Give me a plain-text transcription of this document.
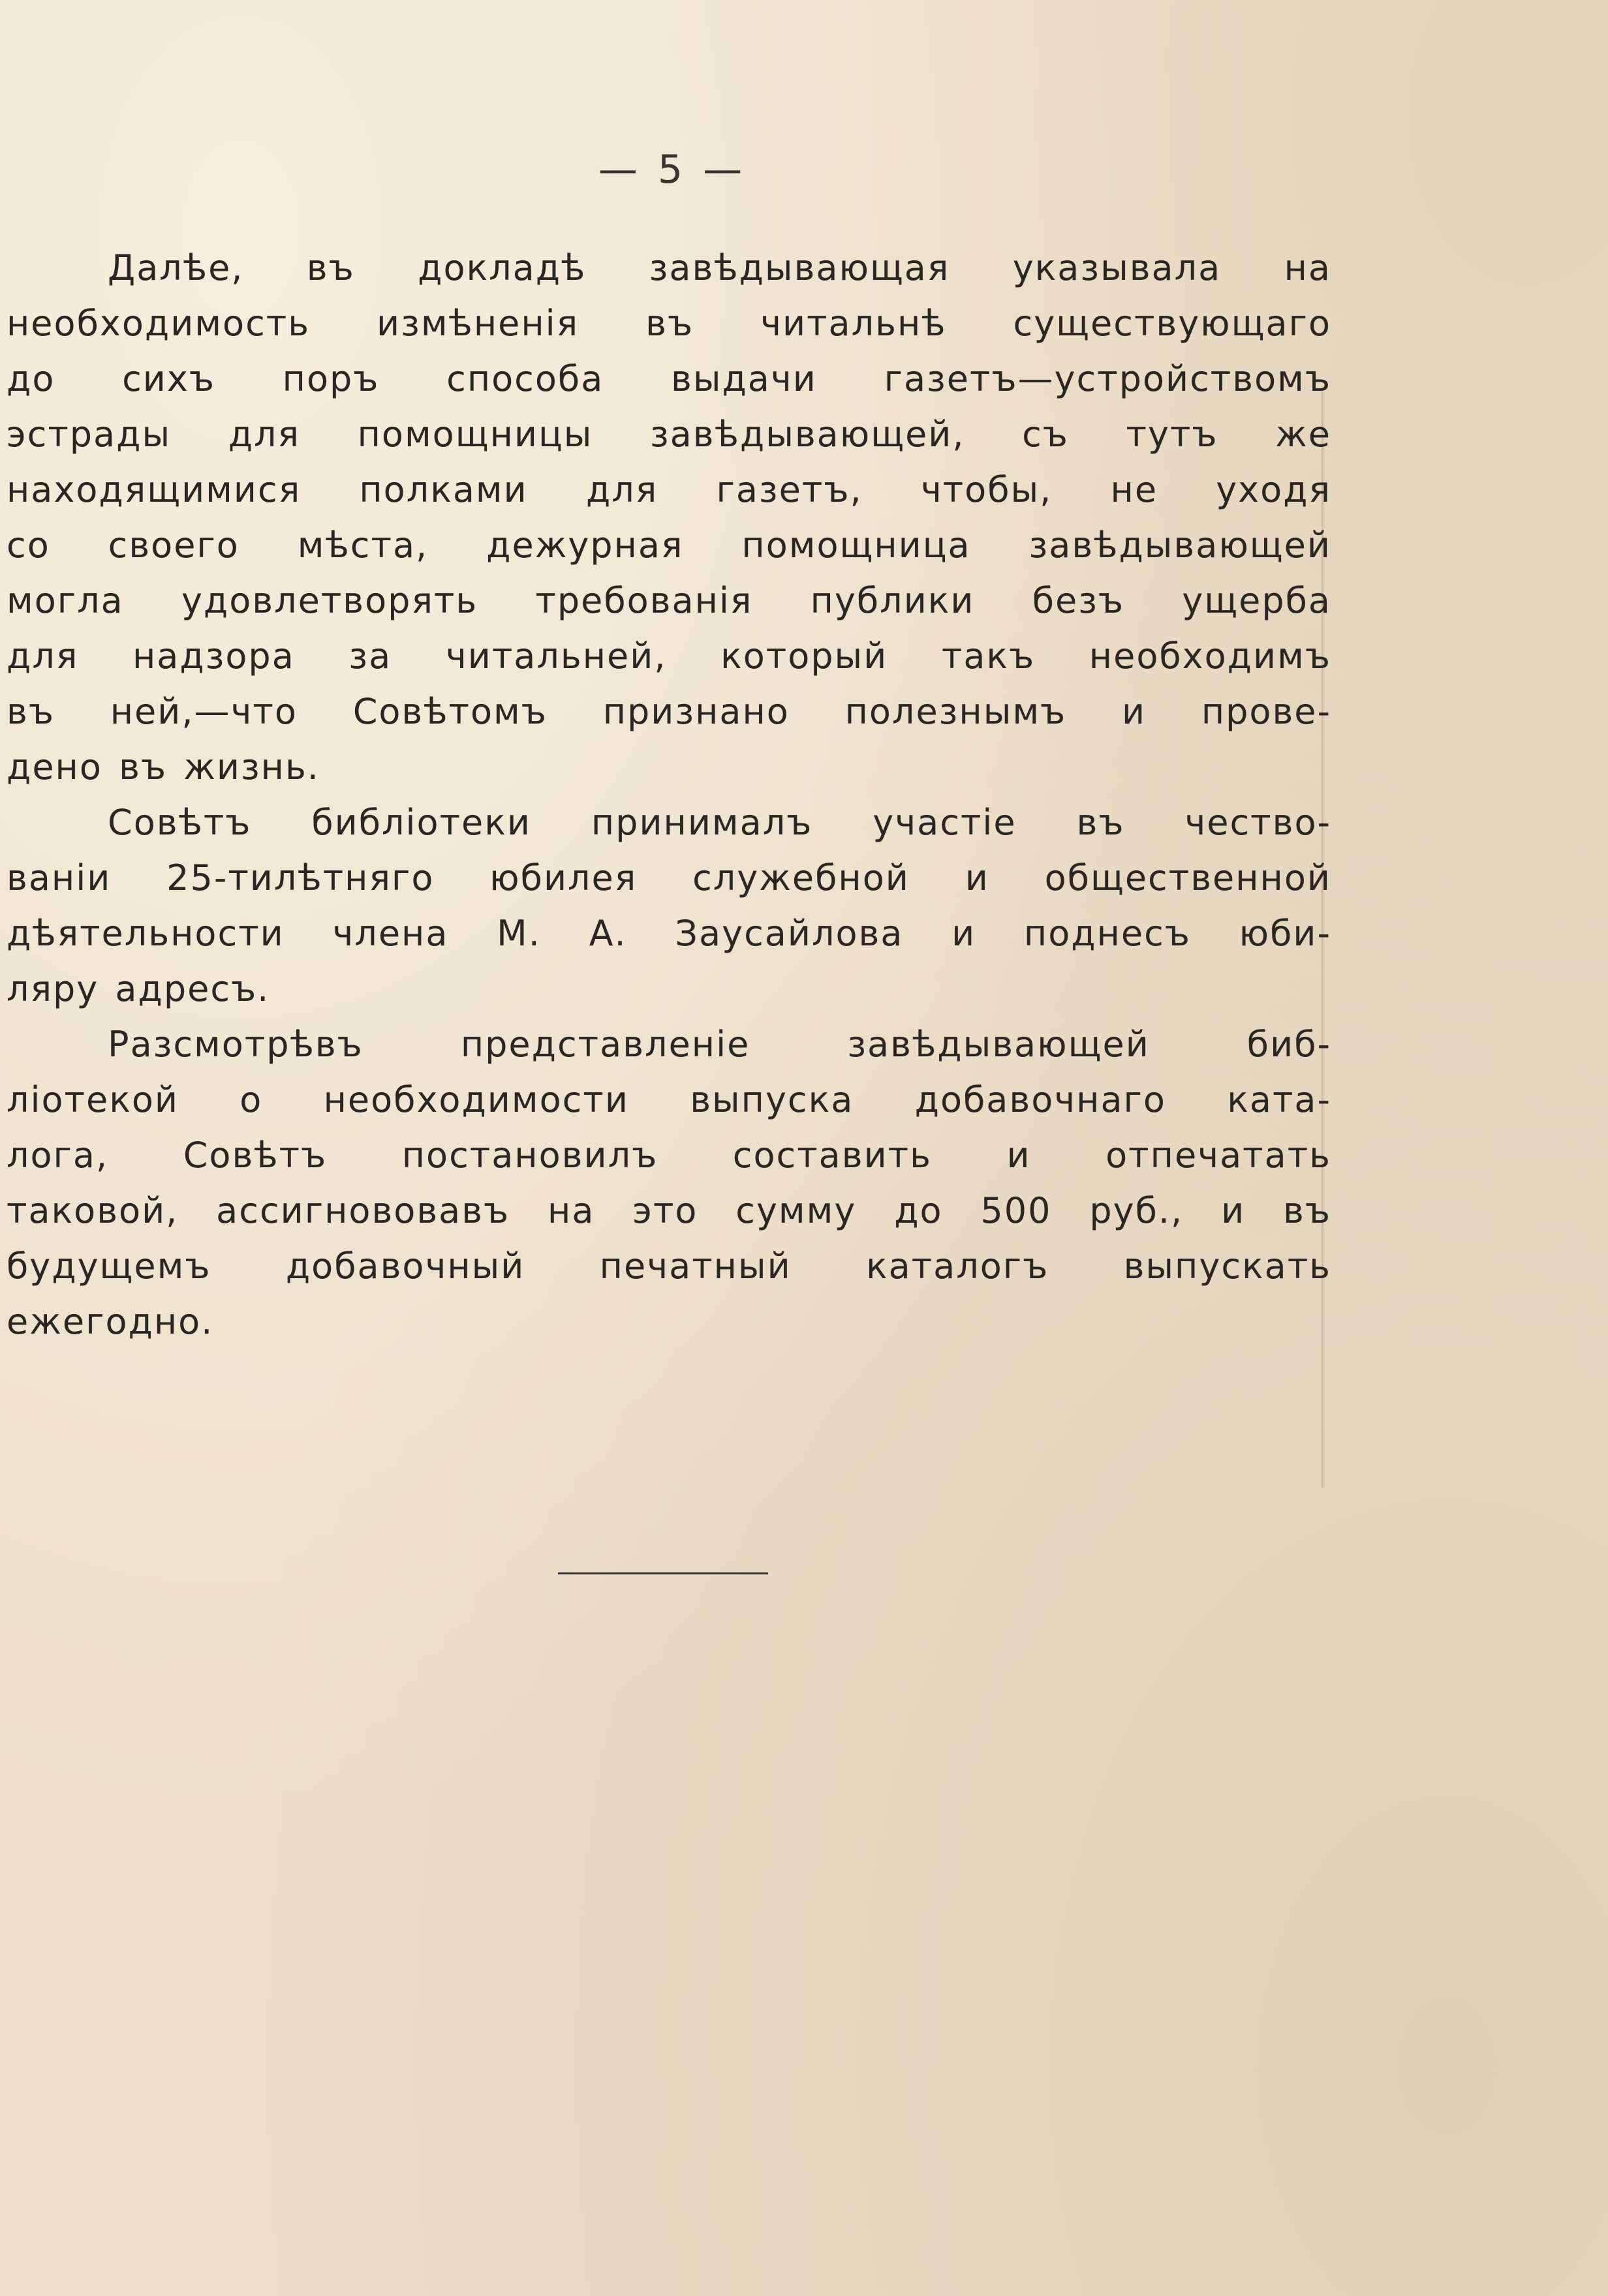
— 5 —
Далѣе, въ докладѣ завѣдывающая указывала на
необходимость измѣненія въ читальнѣ существующаго
до сихъ поръ способа выдачи газетъ—устройствомъ
эстрады для помощницы завѣдывающей, съ тутъ же
находящимися полками для газетъ, чтобы, не уходя
со своего мѣста, дежурная помощница завѣдывающей
могла удовлетворять требованія публики безъ ущерба
для надзора за читальней, который такъ необходимъ
въ ней,—что Совѣтомъ признано полезнымъ и прове-
дено въ жизнь.
Совѣтъ библіотеки принималъ участіе въ чество-
ваніи 25-тилѣтняго юбилея служебной и общественной
дѣятельности члена М. А. Заусайлова и поднесъ юби-
ляру адресъ.
Разсмотрѣвъ представленіе завѣдывающей биб-
ліотекой о необходимости выпуска добавочнаго ката-
лога, Совѣтъ постановилъ составить и отпечатать
таковой, ассигнововавъ на это сумму до 500 руб., и въ
будущемъ добавочный печатный каталогъ выпускать
ежегодно.
